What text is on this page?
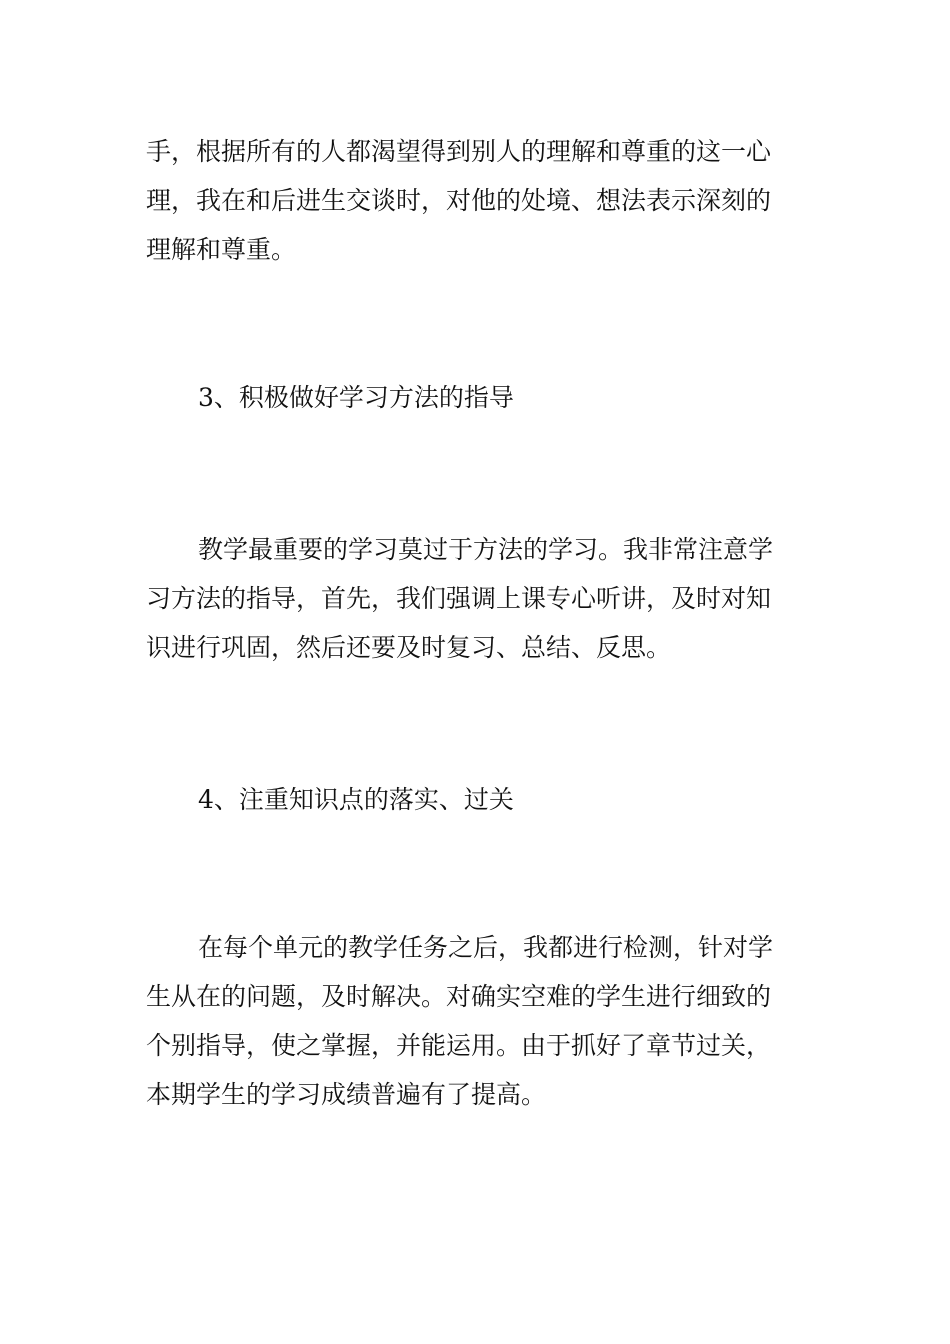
手，根据所有的人都渴望得到别人的理解和尊重的这一心
理，我在和后进生交谈时，对他的处境、想法表示深刻的
理解和尊重。
3、积极做好学习方法的指导
教学最重要的学习莫过于方法的学习。我非常注意学
习方法的指导，首先，我们强调上课专心听讲，及时对知
识进行巩固，然后还要及时复习、总结、反思。
4、注重知识点的落实、过关
在每个单元的教学任务之后，我都进行检测，针对学
生从在的问题，及时解决。对确实空难的学生进行细致的
个别指导，使之掌握，并能运用。由于抓好了章节过关，
本期学生的学习成绩普遍有了提高。
